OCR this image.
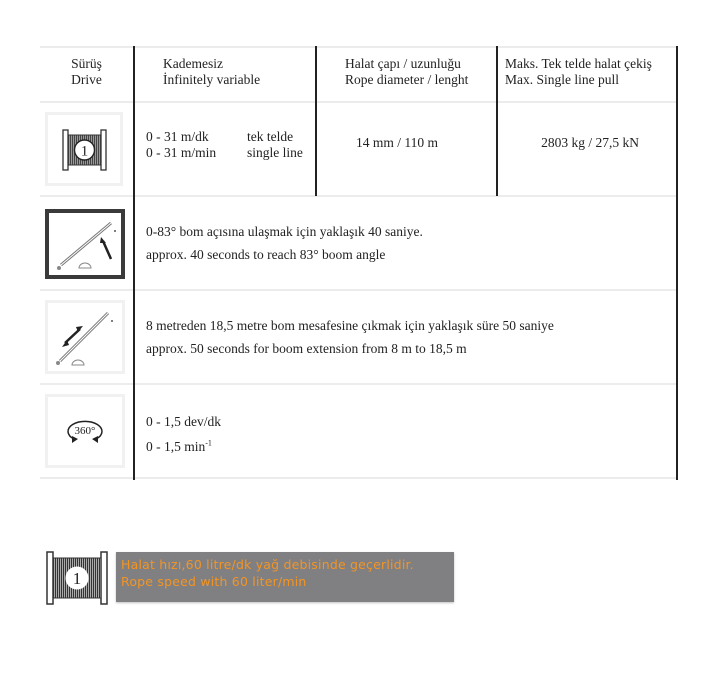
Sürüş
Drive
Kademesiz
İnfinitely variable
Halat çapı / uzunluğu
Rope diameter / lenght
Maks. Tek telde halat çekiş
Max. Single line pull
1
0 - 31 m/dk
0 - 31 m/min
tek telde
single line
14 mm / 110 m	2803 kg / 27,5 kN
0-83° bom açısına ulaşmak için yaklaşık 40 saniye.
approx. 40 seconds to reach 83° boom angle
8 metreden 18,5 metre bom mesafesine çıkmak için yaklaşık süre 50 saniye
approx. 50 seconds for boom extension from 8 m to 18,5 m
360°
0 - 1,5 dev/dk
0 - 1,5 $\min^{-1}$
1
Halat hızı,60 litre/dk yağ debisinde geçerlidir.
Rope speed with 60 liter/min
